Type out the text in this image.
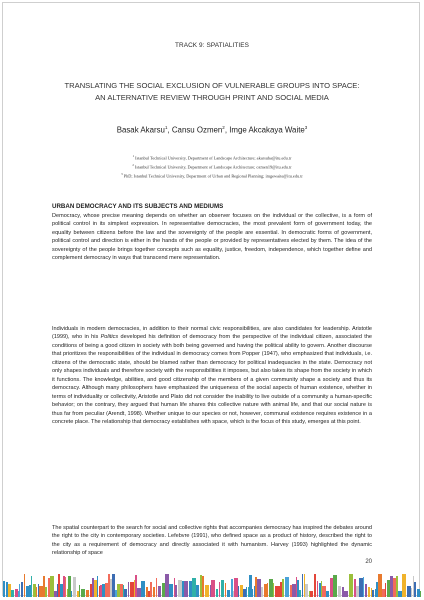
TRACK 9: SPATIALITIES
TRANSLATING THE SOCIAL EXCLUSION OF VULNERABLE GROUPS INTO SPACE:
AN ALTERNATIVE REVIEW THROUGH PRINT AND SOCIAL MEDIA
Basak Akarsu$^1$, Cansu Ozmen$^2$, Imge Akcakaya Waite$^3$
$^1$ Istanbul Technical University, Department of Landscape Architecture; akarsuba@itu.edu.tr
$^2$ Istanbul Technical University, Department of Landscape Architecture; ozmen19@itu.edu.tr
$^3$ PhD; Istanbul Technical University, Department of Urban and Regional Planning; imgewaite@itu.edu.tr
URBAN DEMOCRACY AND ITS SUBJECTS AND MEDIUMS

Democracy, whose precise meaning depends on whether an observer focuses on the individual or the collective, is a form of political control in its simplest expression. In representative democracies, the most prevalent form of government today, the equality between citizens before the law and the sovereignty of the people are essential. In democratic forms of government, political control and direction is either in the hands of the people or provided by representatives elected by them. The idea of the sovereignty of the people brings together concepts such as equality, justice, freedom, independence, which together define and complement democracy in ways that transcend mere representation.

Individuals in modern democracies, in addition to their normal civic responsibilities, are also candidates for leadership. Aristotle (1999), who in his Politics developed his definition of democracy from the perspective of the individual citizen, associated the conditions of being a good citizen in society with both being governed and having the political ability to govern. Another discourse that prioritizes the responsibilities of the individual in democracy comes from Popper (1947), who emphasized that individuals, i.e. citizens of the democratic state, should be blamed rather than democracy for political inadequacies in the state. Democracy not only shapes individuals and therefore society with the responsibilities it imposes, but also takes its shape from the society in which it functions. The knowledge, abilities, and good citizenship of the members of a given community shape a society and thus its democracy. Although many philosophers have emphasized the uniqueness of the social aspects of human existence, whether in terms of individuality or collectivity, Aristotle and Plato did not consider the inability to live outside of a community a human-specific behavior; on the contrary, they argued that human life shares this collective nature with animal life, and that our social nature is thus far from peculiar (Arendt, 1998). Whether unique to our species or not, however, communal existence requires existence in a concrete place. The relationship that democracy establishes with space, which is the focus of this study, emerges at this point.

The spatial counterpart to the search for social and collective rights that accompanies democracy has inspired the debates around the right to the city in contemporary societies. Lefebvre (1991), who defined space as a product of history, described the right to the city as a requirement of democracy and directly associated it with humanism. Harvey (1993) highlighted the dynamic relationship of space

20
